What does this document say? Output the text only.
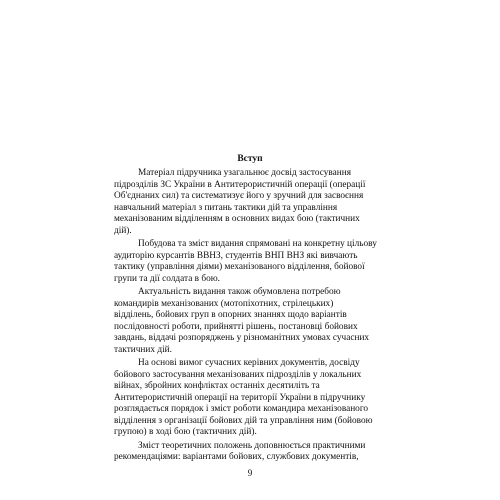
Вступ
Матеріал підручника узагальнює досвід застосування
підрозділів ЗС України в Антитерористичній операції (операції
Об'єднаних сил) та систематизує його у зручний для засвоєння
навчальний матеріал з питань тактики дій та управління
механізованим відділенням в основних видах бою (тактичних
дій).
Побудова та зміст видання спрямовані на конкретну цільову
аудиторію курсантів ВВНЗ, студентів ВНП ВНЗ які вивчають
тактику (управління діями) механізованого відділення, бойової
групи та дії солдата в бою.
Актуальність видання також обумовлена потребою
командирів механізованих (мотопіхотних, стрілецьких)
відділень, бойових груп в опорних знаннях щодо варіантів
послідовності роботи, прийнятті рішень, постановці бойових
завдань, віддачі розпоряджень у різноманітних умовах сучасних
тактичних дій.
На основі вимог сучасних керівних документів, досвіду
бойового застосування механізованих підрозділів у локальних
війнах, збройних конфліктах останніх десятиліть та
Антитерористичній операції на території України в підручнику
розглядається порядок і зміст роботи командира механізованого
відділення з організації бойових дій та управління ним (бойовою
групою) в ході бою (тактичних дій).
Зміст теоретичних положень доповнюється практичними
рекомендаціями: варіантами бойових, службових документів,
9
